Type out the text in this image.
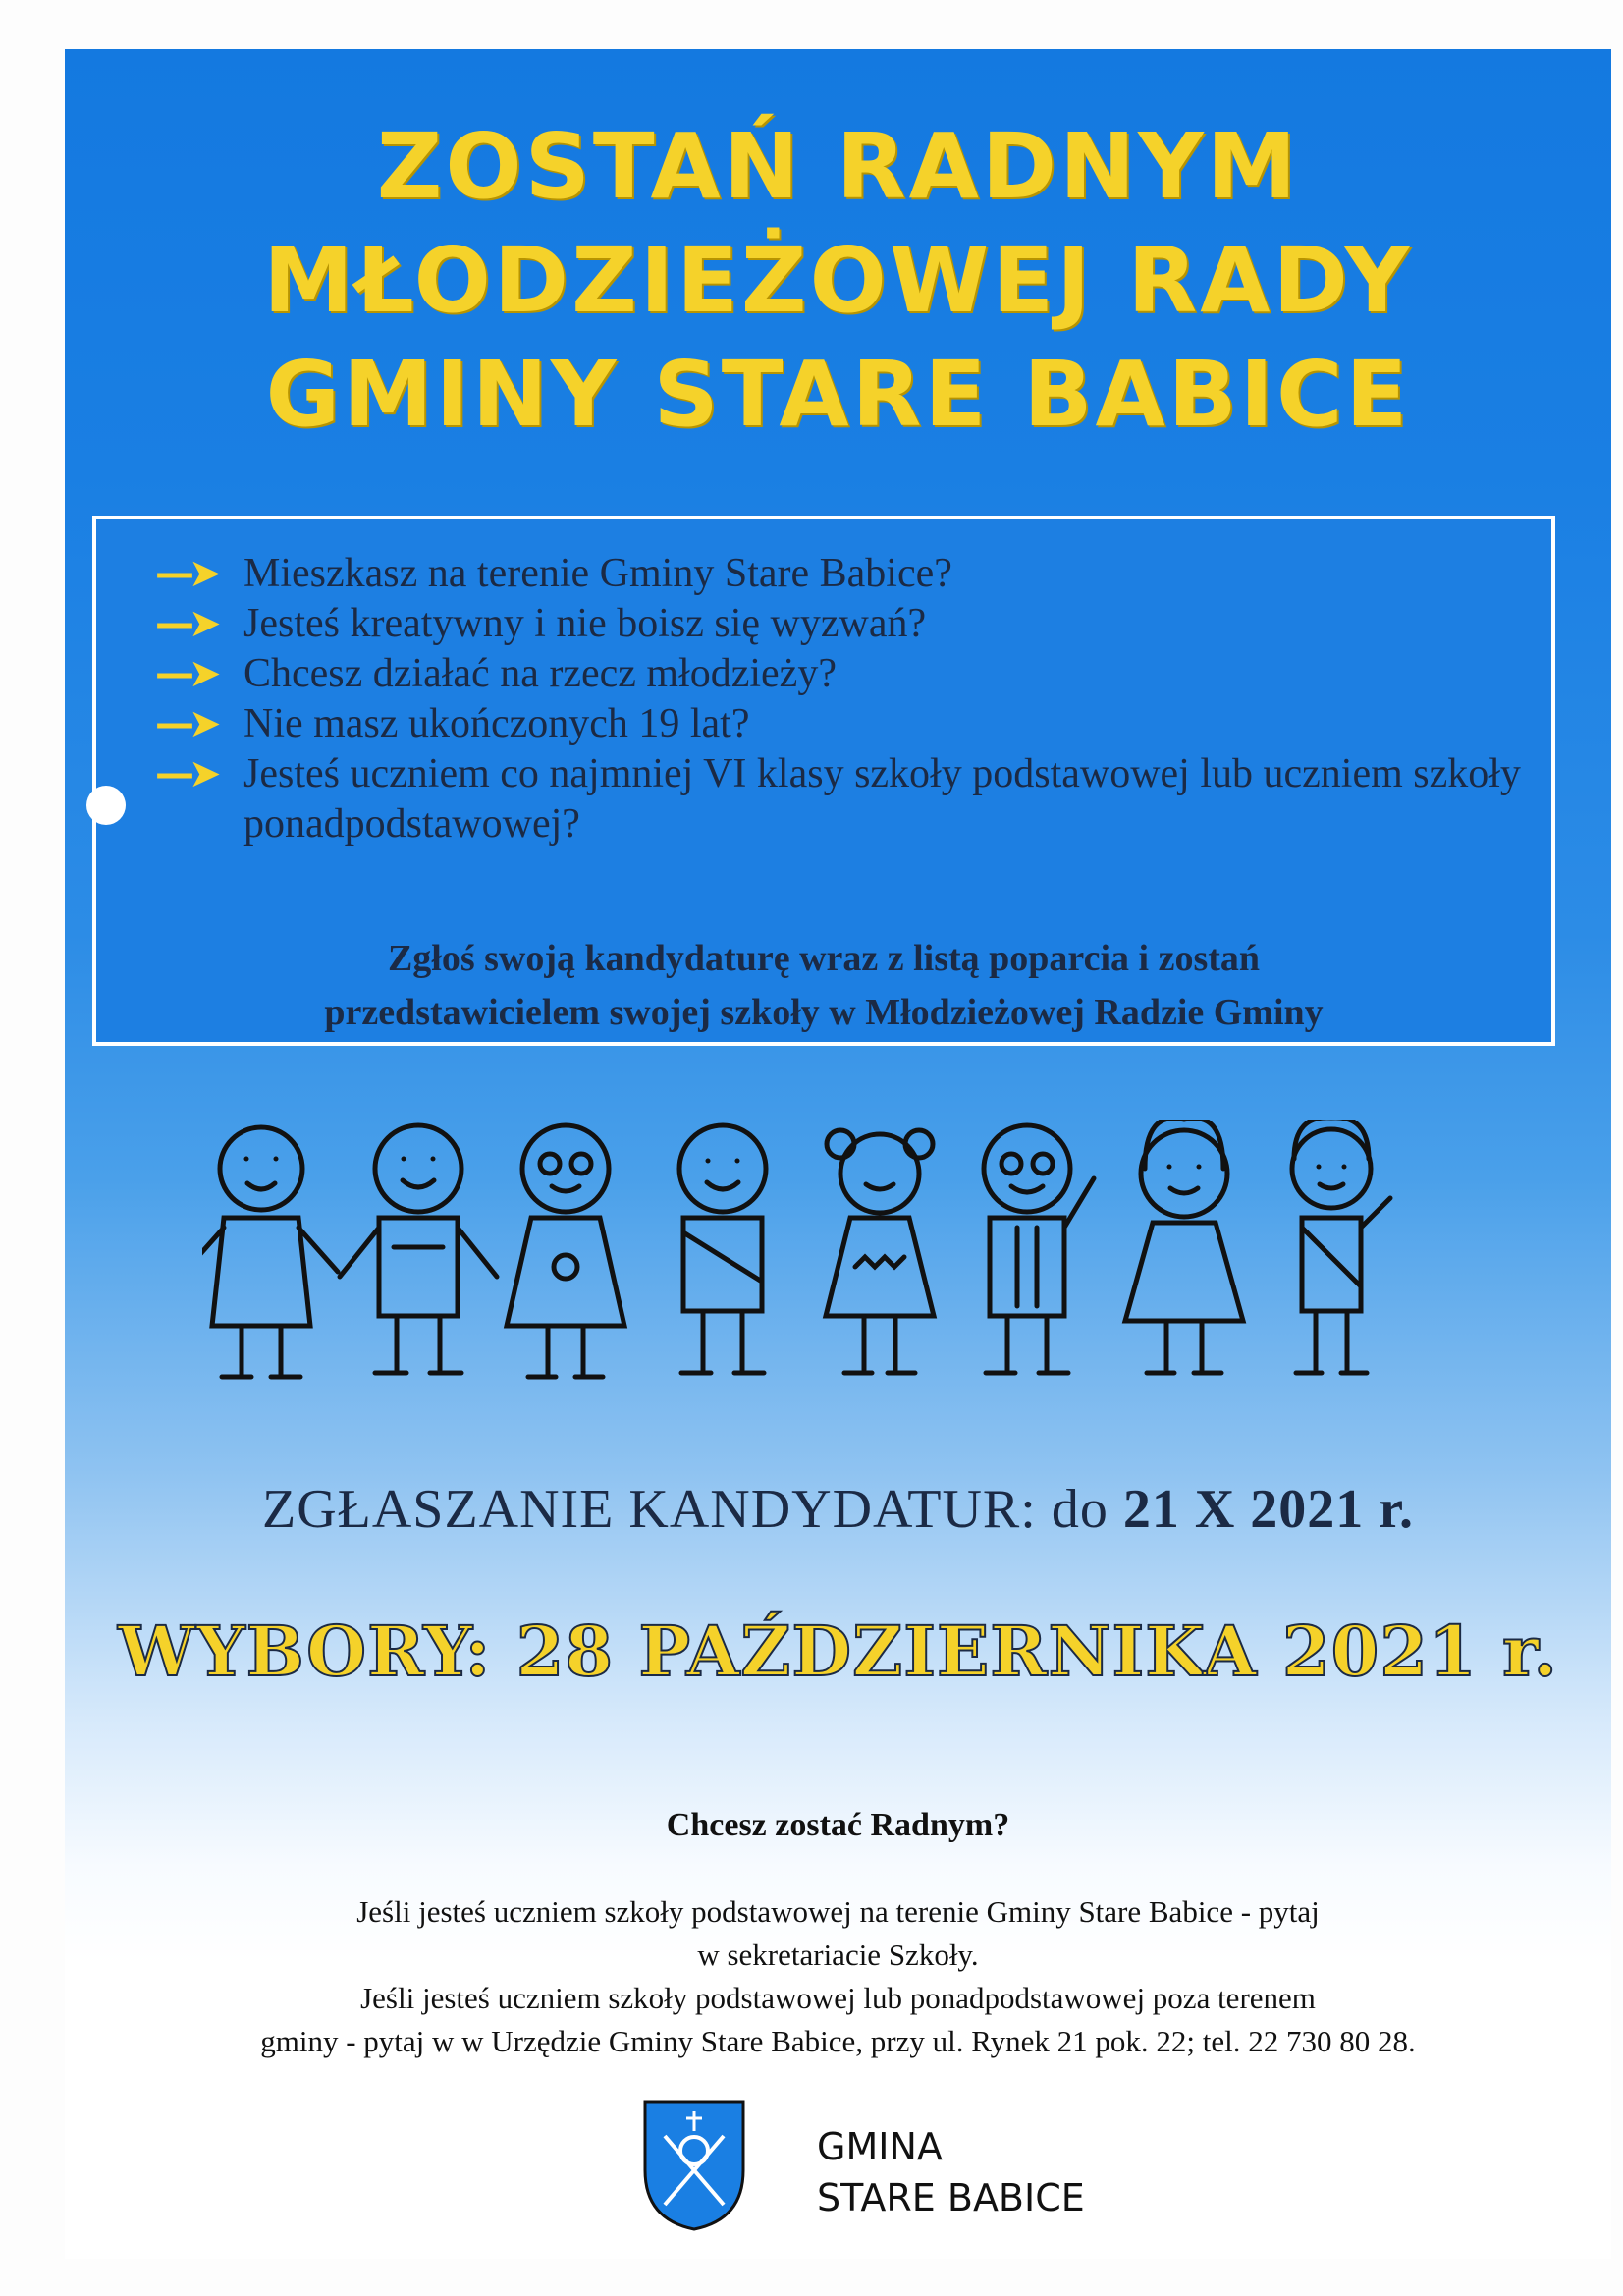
ZOSTAŃ RADNYM
MŁODZIEŻOWEJ RADY
GMINY STARE BABICE
—➤ Mieszkasz na terenie Gminy Stare Babice?
—➤ Jesteś kreatywny i nie boisz się wyzwań?
—➤ Chcesz działać na rzecz młodzieży?
—➤ Nie masz ukończonych 19 lat?
—➤ Jesteś uczniem co najmniej VI klasy szkoły podstawowej lub uczniem szkoły ponadpodstawowej?
Zgłoś swoją kandydaturę wraz z listą poparcia i zostań
przedstawicielem swojej szkoły w Młodzieżowej Radzie Gminy
ZGŁASZANIE KANDYDATUR: do 21 X 2021 r.
WYBORY: 28 PAŹDZIERNIKA 2021 r.
Chcesz zostać Radnym?
Jeśli jesteś uczniem szkoły podstawowej na terenie Gminy Stare Babice - pytaj
w sekretariacie Szkoły.
Jeśli jesteś uczniem szkoły podstawowej lub ponadpodstawowej poza terenem
gminy - pytaj w w Urzędzie Gminy Stare Babice, przy ul. Rynek 21 pok. 22; tel. 22 730 80 28.
GMINA
STARE BABICE
